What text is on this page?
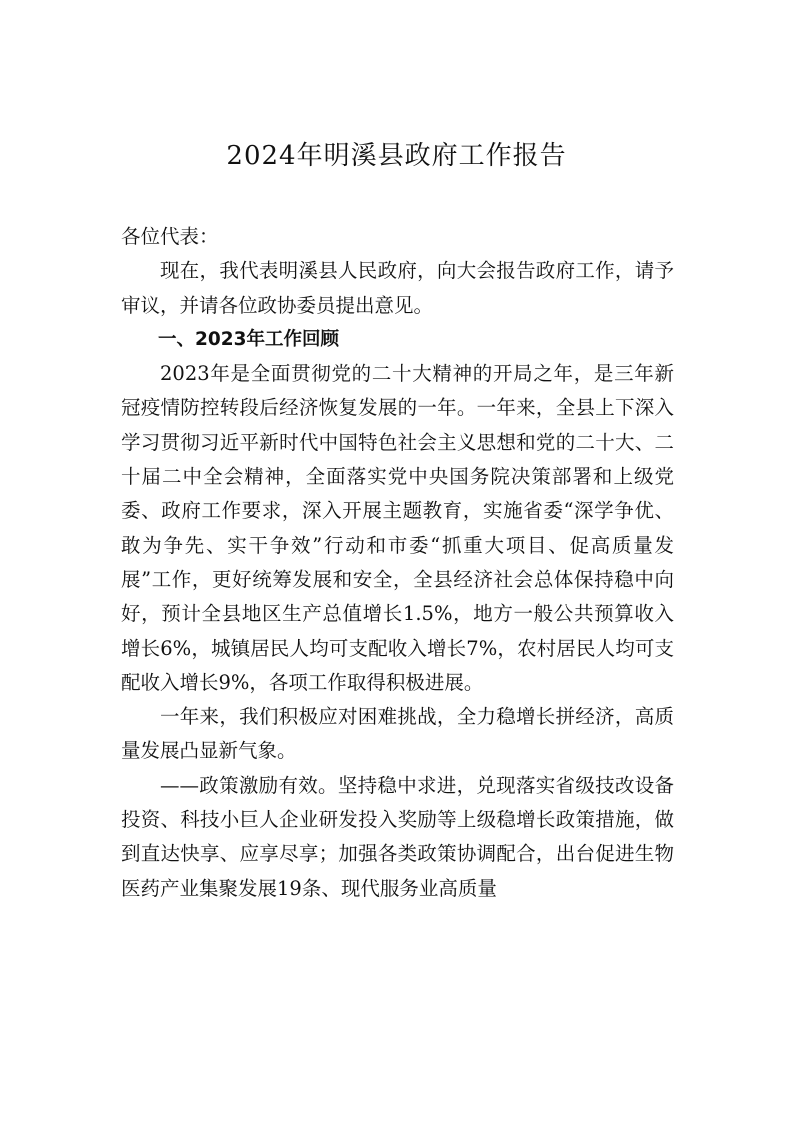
2024年明溪县政府工作报告

各位代表：

现在，我代表明溪县人民政府，向大会报告政府工作，请予审议，并请各位政协委员提出意见。

一、2023年工作回顾

2023年是全面贯彻党的二十大精神的开局之年，是三年新冠疫情防控转段后经济恢复发展的一年。一年来，全县上下深入学习贯彻习近平新时代中国特色社会主义思想和党的二十大、二十届二中全会精神，全面落实党中央国务院决策部署和上级党委、政府工作要求，深入开展主题教育，实施省委“深学争优、敢为争先、实干争效”行动和市委“抓重大项目、促高质量发展”工作，更好统筹发展和安全，全县经济社会总体保持稳中向好，预计全县地区生产总值增长1.5%，地方一般公共预算收入增长6%，城镇居民人均可支配收入增长7%，农村居民人均可支配收入增长9%，各项工作取得积极进展。

一年来，我们积极应对困难挑战，全力稳增长拼经济，高质量发展凸显新气象。

——政策激励有效。坚持稳中求进，兑现落实省级技改设备投资、科技小巨人企业研发投入奖励等上级稳增长政策措施，做到直达快享、应享尽享；加强各类政策协调配合，出台促进生物医药产业集聚发展19条、现代服务业高质量
